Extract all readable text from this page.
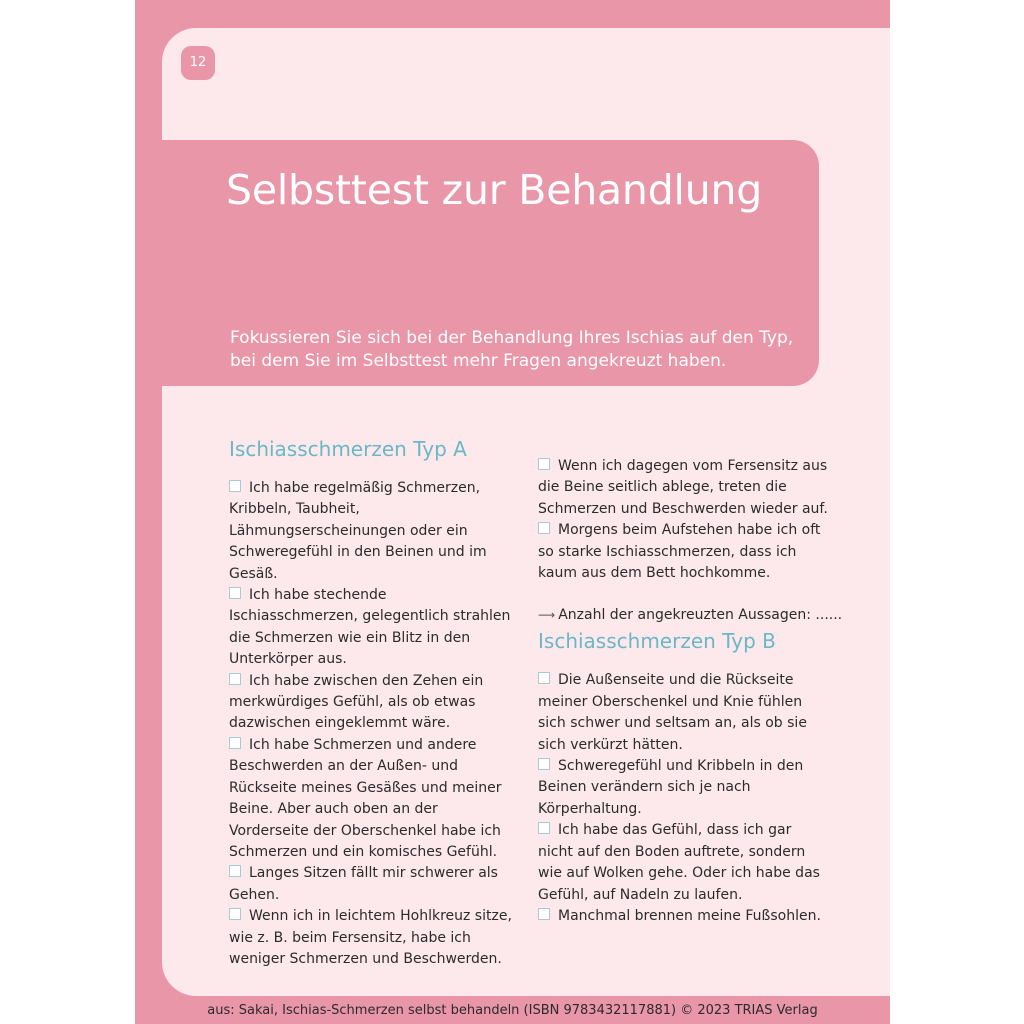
12
Selbsttest zur Behandlung

Fokussieren Sie sich bei der Behandlung Ihres Ischias auf den Typ, bei dem Sie im Selbsttest mehr Fragen angekreuzt haben.

Ischiasschmerzen Typ A

Ich habe regelmäßig Schmerzen, Kribbeln, Taubheit, Lähmungserscheinungen oder ein Schweregefühl in den Beinen und im Gesäß.

Ich habe stechende Ischiasschmerzen, gelegentlich strahlen die Schmerzen wie ein Blitz in den Unterkörper aus.

Ich habe zwischen den Zehen ein merkwürdiges Gefühl, als ob etwas dazwischen eingeklemmt wäre.

Ich habe Schmerzen und andere Beschwerden an der Außen- und Rückseite meines Gesäßes und meiner Beine. Aber auch oben an der Vorderseite der Oberschenkel habe ich Schmerzen und ein komisches Gefühl.

Langes Sitzen fällt mir schwerer als Gehen.

Wenn ich in leichtem Hohlkreuz sitze, wie z. B. beim Fersensitz, habe ich weniger Schmerzen und Beschwerden.

Wenn ich dagegen vom Fersensitz aus die Beine seitlich ablege, treten die Schmerzen und Beschwerden wieder auf.

Morgens beim Aufstehen habe ich oft so starke Ischiasschmerzen, dass ich kaum aus dem Bett hochkomme.

⟶ Anzahl der angekreuzten Aussagen: ......
Ischiasschmerzen Typ B

Die Außenseite und die Rückseite meiner Oberschenkel und Knie fühlen sich schwer und seltsam an, als ob sie sich verkürzt hätten.

Schweregefühl und Kribbeln in den Beinen verändern sich je nach Körperhaltung.

Ich habe das Gefühl, dass ich gar nicht auf den Boden auftrete, sondern wie auf Wolken gehe. Oder ich habe das Gefühl, auf Nadeln zu laufen.

Manchmal brennen meine Fußsohlen.

aus: Sakai, Ischias-Schmerzen selbst behandeln (ISBN 9783432117881) © 2023 TRIAS Verlag
